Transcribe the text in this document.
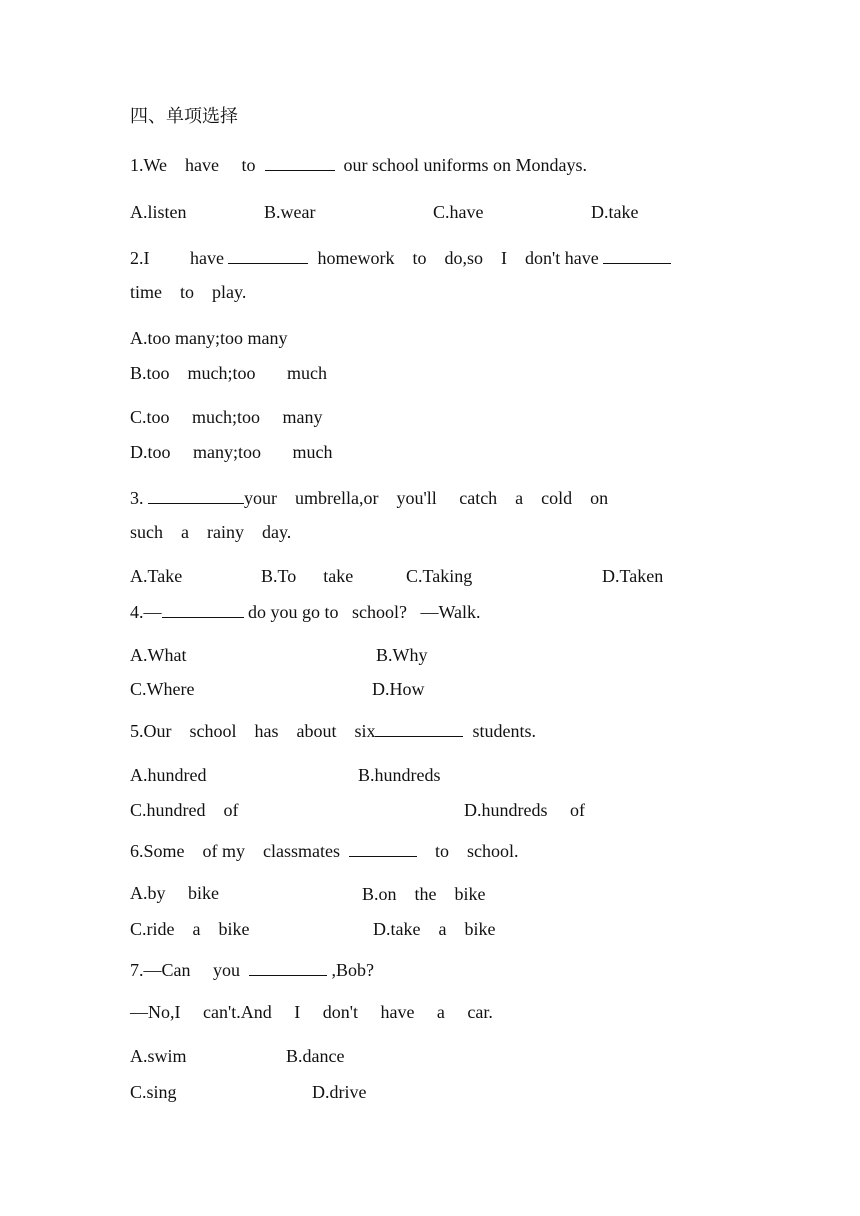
四、单项选择
1.We    have     to	our school uniforms on Mondays.
A.listen	B.wear	C.have	D.take
2.I         have	homework    to    do,so    I    don't have
time    to    play.
A.too many;too many
B.too    much;too       much
C.too     much;too     many
D.too     many;too       much
3.	your    umbrella,or    you'll     catch    a    cold    on
such    a    rainy    day.
A.Take	B.To      take	C.Taking	D.Taken
4.—	do you go to   school?   —Walk.
A.What	B.Why
C.Where	D.How
5.Our    school    has    about    six	students.
A.hundred	B.hundreds
C.hundred    of	D.hundreds     of
6.Some    of my    classmates	to    school.
A.by     bike	B.on    the    bike
C.ride    a    bike	D.take    a    bike
7.—Can     you	,Bob?
—No,I     can't.And     I     don't     have     a     car.
A.swim	B.dance
C.sing	D.drive
